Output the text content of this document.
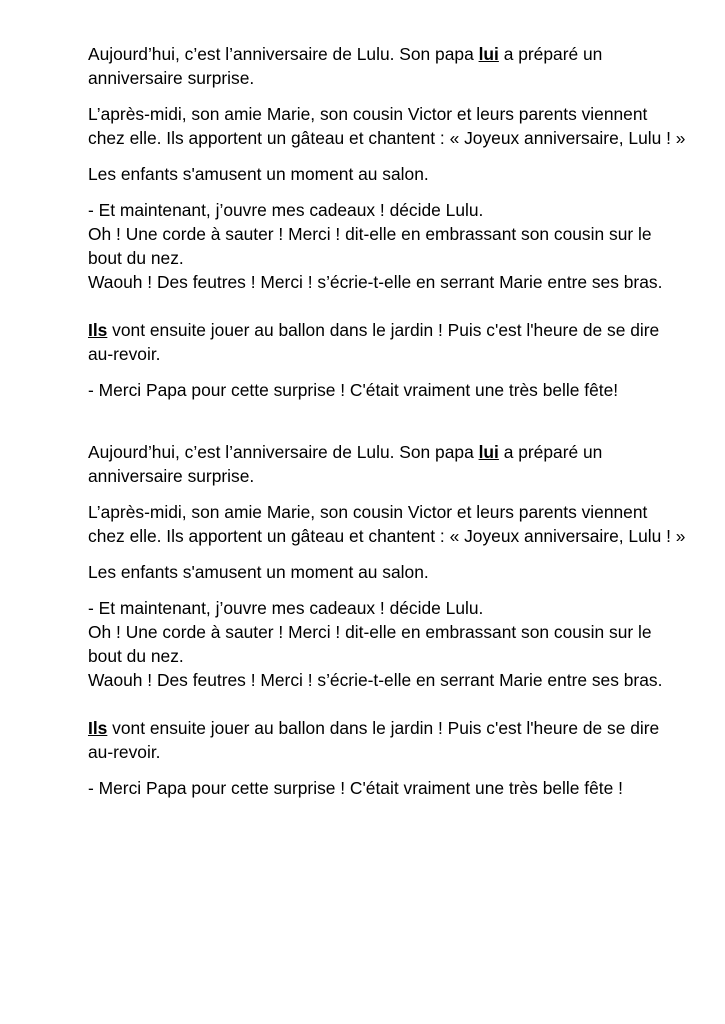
Aujourd’hui, c’est l’anniversaire de Lulu. Son papa lui a préparé un anniversaire surprise.

L’après-midi, son amie Marie, son cousin Victor et leurs parents viennent chez elle. Ils apportent un gâteau et chantent : « Joyeux anniversaire, Lulu ! »

Les enfants s'amusent un moment au salon.

- Et maintenant, j’ouvre mes cadeaux ! décide Lulu.

Oh ! Une corde à sauter ! Merci ! dit-elle en embrassant son cousin sur le bout du nez.

Waouh ! Des feutres ! Merci ! s’écrie-t-elle en serrant Marie entre ses bras.

Ils vont ensuite jouer au ballon dans le jardin ! Puis c'est l'heure de se dire au-revoir.

- Merci Papa pour cette surprise ! C'était vraiment une très belle fête!

Aujourd’hui, c’est l’anniversaire de Lulu. Son papa lui a préparé un anniversaire surprise.

L’après-midi, son amie Marie, son cousin Victor et leurs parents viennent chez elle. Ils apportent un gâteau et chantent : « Joyeux anniversaire, Lulu ! »

Les enfants s'amusent un moment au salon.

- Et maintenant, j’ouvre mes cadeaux ! décide Lulu.

Oh ! Une corde à sauter ! Merci ! dit-elle en embrassant son cousin sur le bout du nez.

Waouh ! Des feutres ! Merci ! s’écrie-t-elle en serrant Marie entre ses bras.

Ils vont ensuite jouer au ballon dans le jardin ! Puis c'est l'heure de se dire au-revoir.

- Merci Papa pour cette surprise ! C'était vraiment une très belle fête !
